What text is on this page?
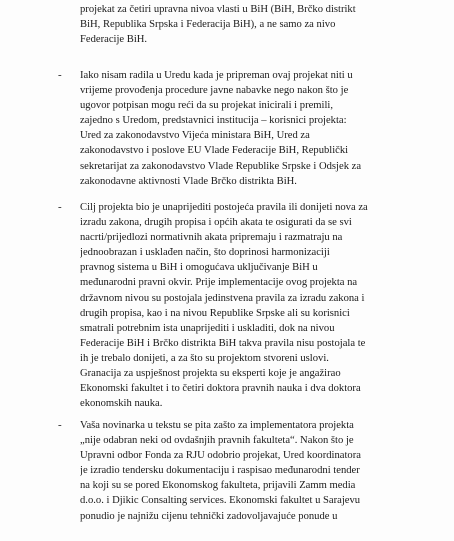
projekat za četiri upravna nivoa vlasti u BiH (BiH, Brčko distrikt
BiH, Republika Srpska i Federacija BiH), a ne samo za nivo
Federacije BiH.
- Iako nisam radila u Uredu kada je pripreman ovaj projekat niti u
vrijeme provođenja procedure javne nabavke nego nakon što je
ugovor potpisan mogu reći da su projekat inicirali i premili,
zajedno s Uredom, predstavnici institucija – korisnici projekta:
Ured za zakonodavstvo Vijeća ministara BiH, Ured za
zakonodavstvo i poslove EU Vlade Federacije BiH, Republički
sekretarijat za zakonodavstvo Vlade Republike Srpske i Odsjek za
zakonodavne aktivnosti Vlade Brčko distrikta BiH.
- Cilj projekta bio je unaprijediti postojeća pravila ili donijeti nova za
izradu zakona, drugih propisa i općih akata te osigurati da se svi
nacrti/prijedlozi normativnih akata pripremaju i razmatraju na
jednoobrazan i usklađen način, što doprinosi harmonizaciji
pravnog sistema u BiH i omogućava uključivanje BiH u
međunarodni pravni okvir. Prije implementacije ovog projekta na
državnom nivou su postojala jedinstvena pravila za izradu zakona i
drugih propisa, kao i na nivou Republike Srpske ali su korisnici
smatrali potrebnim ista unaprijediti i uskladiti, dok na nivou
Federacije BiH i Brčko distrikta BiH takva pravila nisu postojala te
ih je trebalo donijeti, a za što su projektom stvoreni uslovi.
Granacija za uspješnost projekta su eksperti koje je angažirao
Ekonomski fakultet i to četiri doktora pravnih nauka i dva doktora
ekonomskih nauka.
- Vaša novinarka u tekstu se pita zašto za implementatora projekta
„nije odabran neki od ovdašnjih pravnih fakulteta“. Nakon što je
Upravni odbor Fonda za RJU odobrio projekat, Ured koordinatora
je izradio tendersku dokumentaciju i raspisao međunarodni tender
na koji su se pored Ekonomskog fakulteta, prijavili Zamm media
d.o.o. i Djikic Consalting services. Ekonomski fakultet u Sarajevu
ponudio je najnižu cijenu tehnički zadovoljavajuće ponude u
